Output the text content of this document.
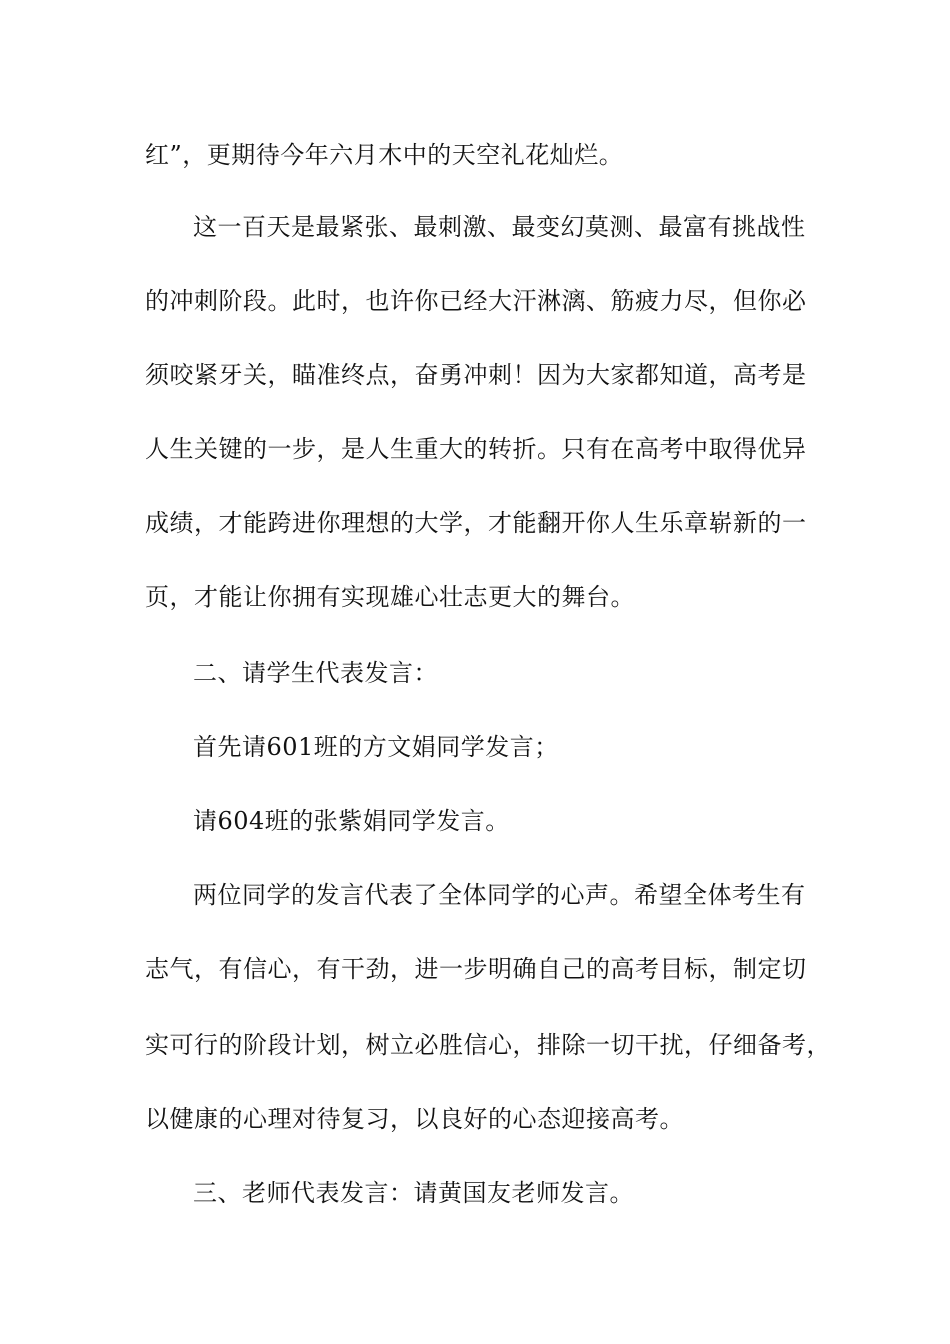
红”，更期待今年六月木中的天空礼花灿烂。
这一百天是最紧张、最刺激、最变幻莫测、最富有挑战性
的冲刺阶段。此时，也许你已经大汗淋漓、筋疲力尽，但你必
须咬紧牙关，瞄准终点，奋勇冲刺！因为大家都知道，高考是
人生关键的一步，是人生重大的转折。只有在高考中取得优异
成绩，才能跨进你理想的大学，才能翻开你人生乐章崭新的一
页，才能让你拥有实现雄心壮志更大的舞台。
二、请学生代表发言：
首先请601班的方文娟同学发言；
请604班的张紫娟同学发言。
两位同学的发言代表了全体同学的心声。希望全体考生有
志气，有信心，有干劲，进一步明确自己的高考目标，制定切
实可行的阶段计划，树立必胜信心，排除一切干扰，仔细备考，
以健康的心理对待复习，以良好的心态迎接高考。
三、老师代表发言：请黄国友老师发言。
